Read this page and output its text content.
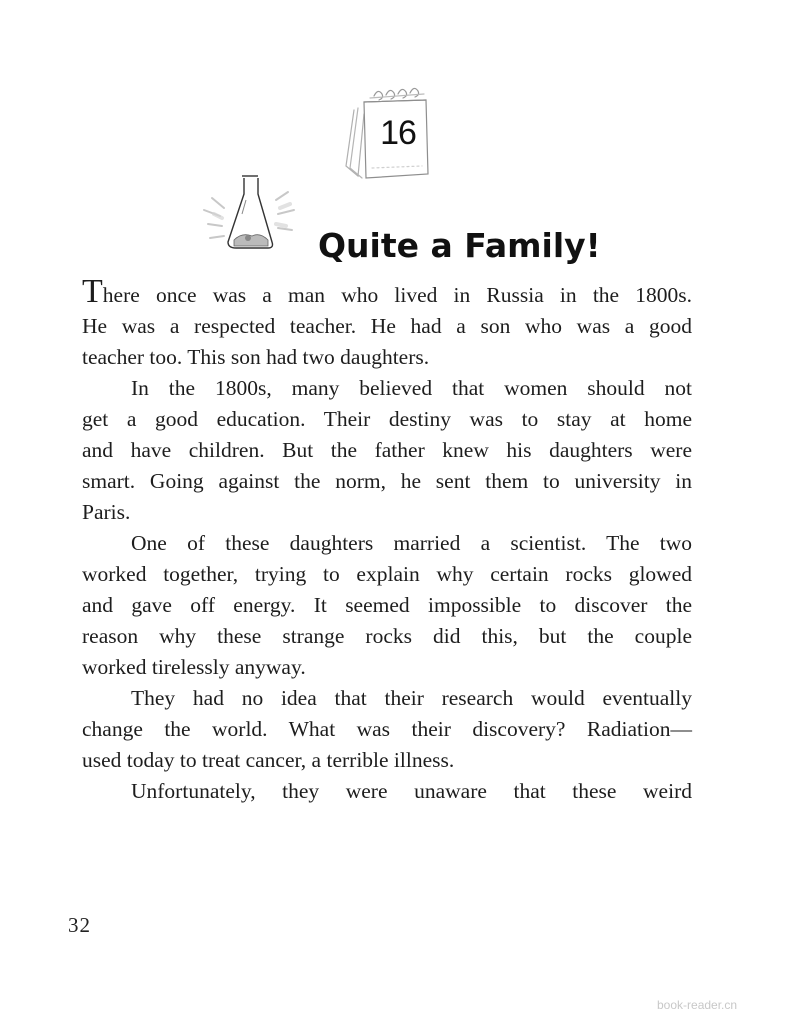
16
Quite a Family!
There once was a man who lived in Russia in the 1800s.
He was a respected teacher. He had a son who was a good
teacher too. This son had two daughters.
In the 1800s, many believed that women should not
get a good education. Their destiny was to stay at home
and have children. But the father knew his daughters were
smart. Going against the norm, he sent them to university in
Paris.
One of these daughters married a scientist. The two
worked together, trying to explain why certain rocks glowed
and gave off energy. It seemed impossible to discover the
reason why these strange rocks did this, but the couple
worked tirelessly anyway.
They had no idea that their research would eventually
change the world. What was their discovery? Radiation—
used today to treat cancer, a terrible illness.
Unfortunately, they were unaware that these weird
32
book-reader.cn
